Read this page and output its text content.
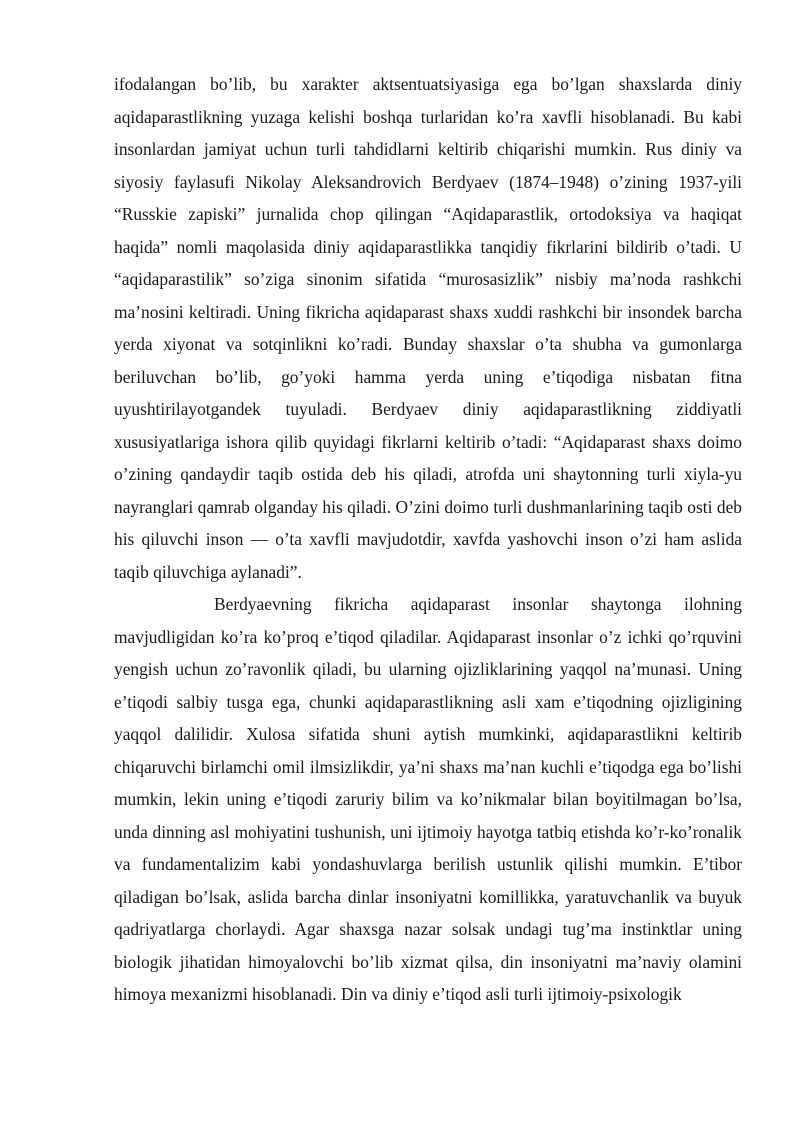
ifodalangan bo’lib, bu xarakter aktsentuatsiyasiga ega bo’lgan shaxslarda diniy aqidaparastlikning yuzaga kelishi boshqa turlaridan ko’ra xavfli hisoblanadi. Bu kabi insonlardan jamiyat uchun turli tahdidlarni keltirib chiqarishi mumkin. Rus diniy va siyosiy faylasufi Nikolay Aleksandrovich Berdyaev (1874–1948) o’zining 1937-yili “Russkie zapiski” jurnalida chop qilingan “Aqidaparastlik, ortodoksiya va haqiqat haqida” nomli maqolasida diniy aqidaparastlikka tanqidiy fikrlarini bildirib o’tadi. U “aqidaparastilik” so’ziga sinonim sifatida “murosasizlik” nisbiy ma’noda rashkchi ma’nosini keltiradi. Uning fikricha aqidaparast shaxs xuddi rashkchi bir insondek barcha yerda xiyonat va sotqinlikni ko’radi. Bunday shaxslar o’ta shubha va gumonlarga beriluvchan bo’lib, go’yoki hamma yerda uning e’tiqodiga nisbatan fitna uyushtirilayotgandek tuyuladi. Berdyaev diniy aqidaparastlikning ziddiyatli xususiyatlariga ishora qilib quyidagi fikrlarni keltirib o’tadi: “Aqidaparast shaxs doimo o’zining qandaydir taqib ostida deb his qiladi, atrofda uni shaytonning turli xiyla-yu nayranglari qamrab olganday his qiladi. O’zini doimo turli dushmanlarining taqib osti deb his qiluvchi inson — o’ta xavfli mavjudotdir, xavfda yashovchi inson o’zi ham aslida taqib qiluvchiga aylanadi”.

Berdyaevning fikricha aqidaparast insonlar shaytonga ilohning mavjudligidan ko’ra ko’proq e’tiqod qiladilar. Aqidaparast insonlar o’z ichki qo’rquvini yengish uchun zo’ravonlik qiladi, bu ularning ojizliklarining yaqqol na’munasi. Uning e’tiqodi salbiy tusga ega, chunki aqidaparastlikning asli xam e’tiqodning ojizligining yaqqol dalilidir. Xulosa sifatida shuni aytish mumkinki, aqidaparastlikni keltirib chiqaruvchi birlamchi omil ilmsizlikdir, ya’ni shaxs ma’nan kuchli e’tiqodga ega bo’lishi mumkin, lekin uning e’tiqodi zaruriy bilim va ko’nikmalar bilan boyitilmagan bo’lsa, unda dinning asl mohiyatini tushunish, uni ijtimoiy hayotga tatbiq etishda ko’r-ko’ronalik va fundamentalizim kabi yondashuvlarga berilish ustunlik qilishi mumkin. E’tibor qiladigan bo’lsak, aslida barcha dinlar insoniyatni komillikka, yaratuvchanlik va buyuk qadriyatlarga chorlaydi. Agar shaxsga nazar solsak undagi tug’ma instinktlar uning biologik jihatidan himoyalovchi bo’lib xizmat qilsa, din insoniyatni ma’naviy olamini himoya mexanizmi hisoblanadi. Din va diniy e’tiqod asli turli ijtimoiy-psixologik
